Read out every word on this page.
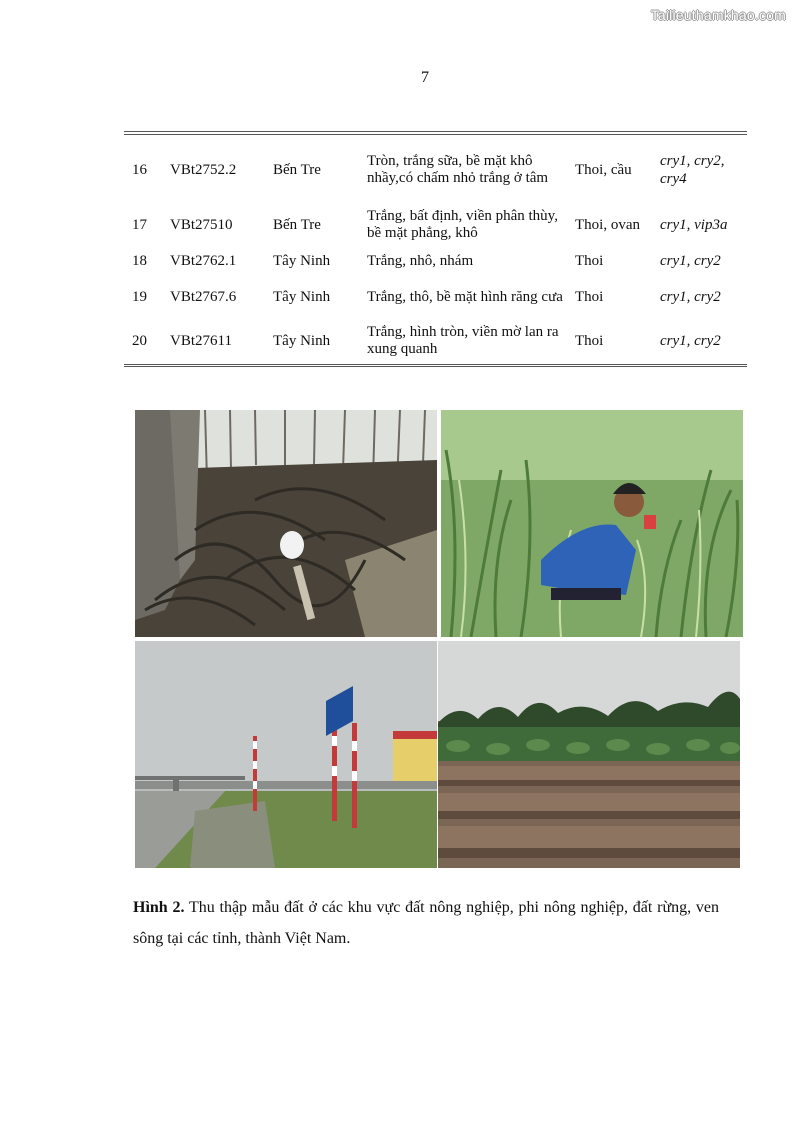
Tailieuthamkhao.com
7
16	VBt2752.2	Bến Tre	Tròn, trắng sữa, bề mặt khô nhầy,có chấm nhỏ trắng ở tâm	Thoi, cầu	cry1, cry2, cry4
17	VBt27510	Bến Tre	Trắng, bất định, viền phân thùy, bề mặt phẳng, khô	Thoi, ovan	cry1, vip3a
18	VBt2762.1	Tây Ninh	Trắng, nhô, nhám	Thoi	cry1, cry2
19	VBt2767.6	Tây Ninh	Trắng, thô, bề mặt hình răng cưa	Thoi	cry1, cry2
20	VBt27611	Tây Ninh	Trắng, hình tròn, viền mờ lan ra xung quanh	Thoi	cry1, cry2
Hình 2. Thu thập mẫu đất ở các khu vực đất nông nghiệp, phi nông nghiệp, đất rừng, ven sông tại các tỉnh, thành Việt Nam.
